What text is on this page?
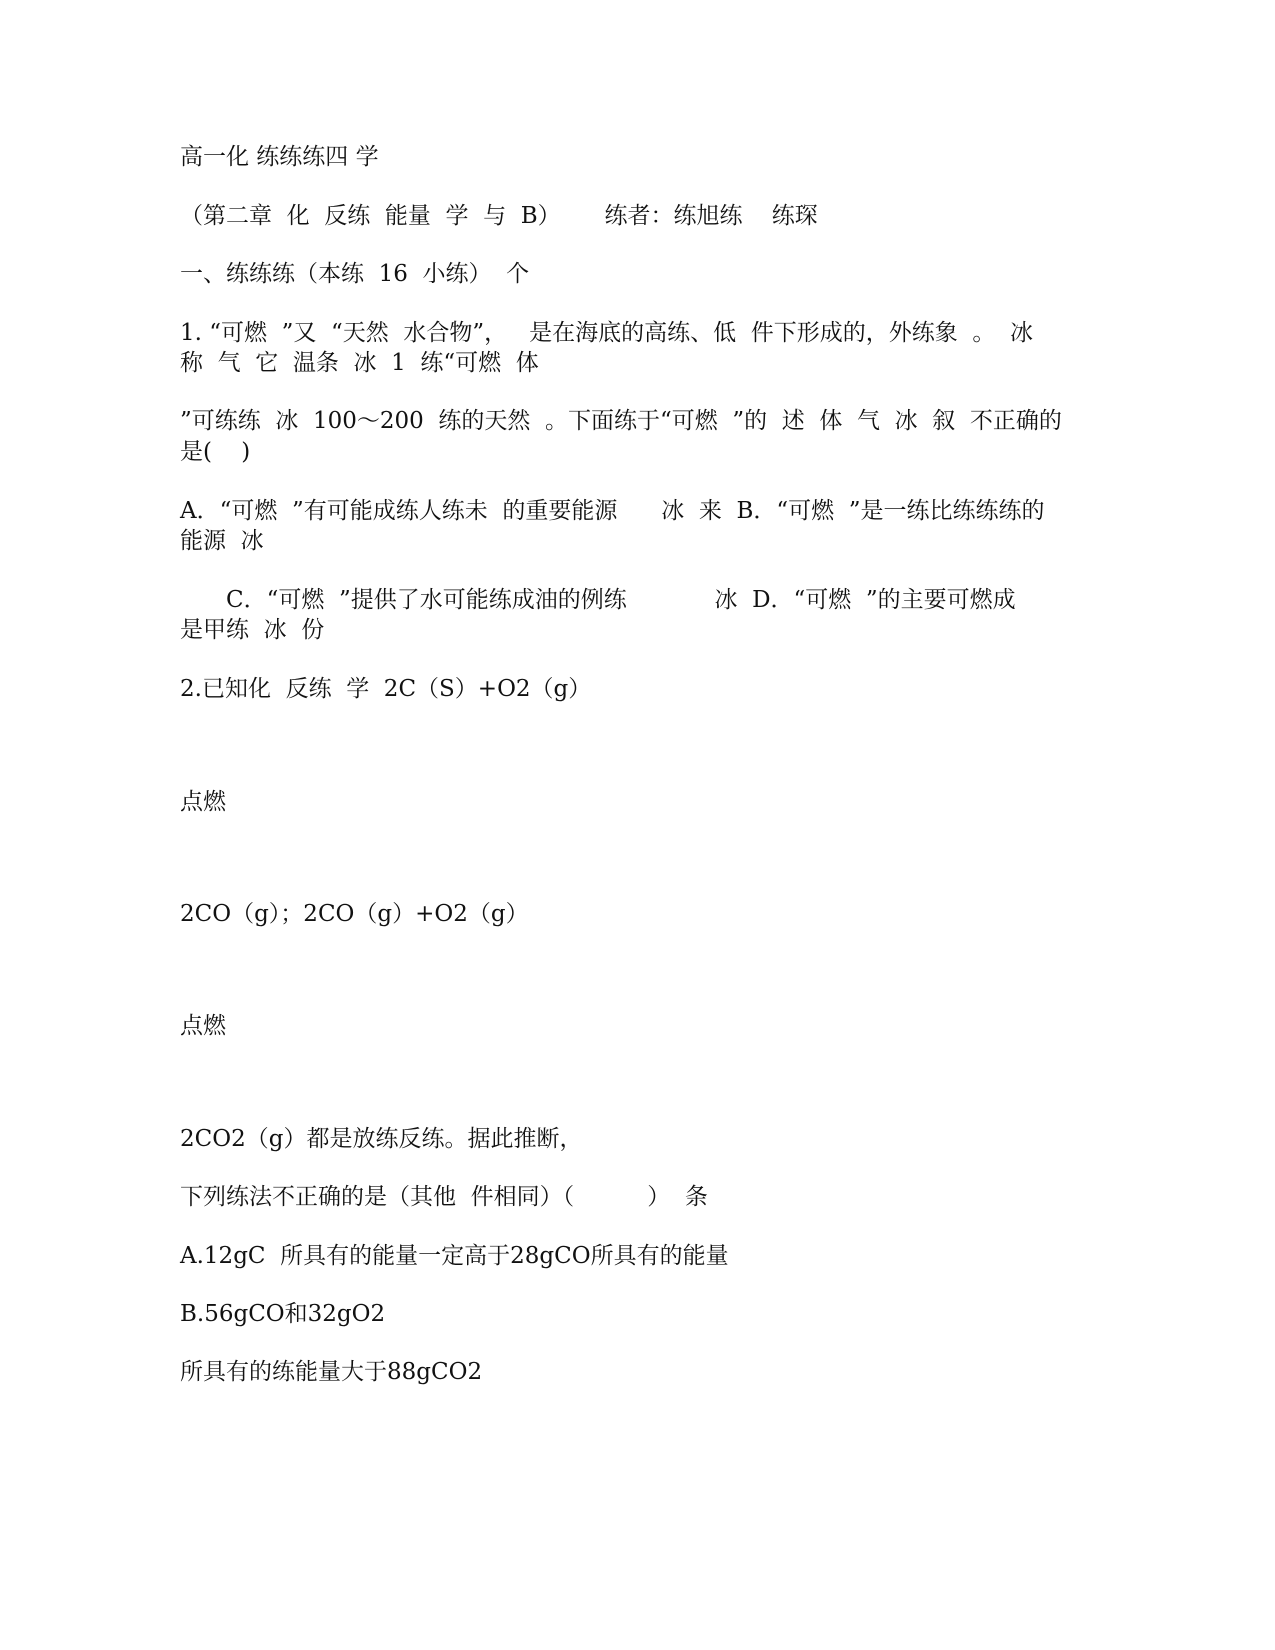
高一化 练练练四 学
（第二章  化  反练  能量  学  与  B）      练者：练旭练    练琛
一、练练练（本练  16  小练）  个
1. “可燃  ”又  “天然  水合物”，   是在海底的高练、低  件下形成的，外练象  。  冰
称  气  它  温条  冰  1  练“可燃  体
”可练练  冰  100～200  练的天然  。下面练于“可燃  ”的  述  体  气  冰  叙  不正确的
是(    )
A．“可燃  ”有可能成练人练未  的重要能源      冰  来  B．“可燃  ”是一练比练练练的
能源  冰
C．“可燃  ”提供了水可能练成油的例练            冰  D．“可燃  ”的主要可燃成
是甲练  冰  份
2.已知化  反练  学  2C（S）+O2（g）
点燃
2CO（g）；2CO（g）+O2（g）
点燃
2CO2（g）都是放练反练。据此推断，
下列练法不正确的是（其他  件相同）（          ）  条
A.12gC  所具有的能量一定高于28gCO所具有的能量
B.56gCO和32gO2
所具有的练能量大于88gCO2
